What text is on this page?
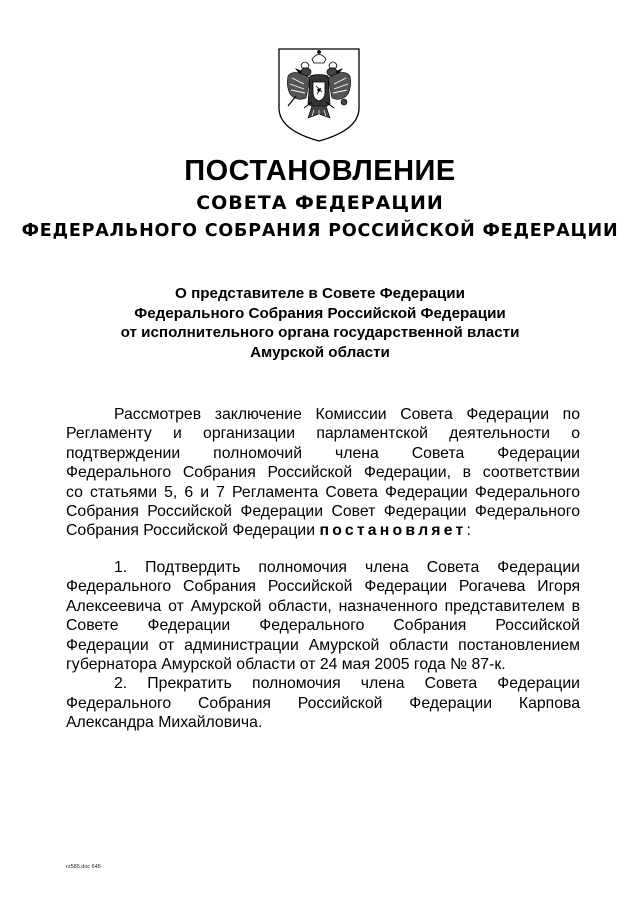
ПОСТАНОВЛЕНИЕ
СОВЕТА ФЕДЕРАЦИИ
ФЕДЕРАЛЬНОГО СОБРАНИЯ РОССИЙСКОЙ ФЕДЕРАЦИИ
О представителе в Совете Федерации
Федерального Собрания Российской Федерации
от исполнительного органа государственной власти
Амурской области
Рассмотрев заключение Комиссии Совета Федерации по
Регламенту и организации парламентской деятельности о
подтверждении полномочий члена Совета Федерации
Федерального Собрания Российской Федерации, в соответствии
со статьями 5, 6 и 7 Регламента Совета Федерации Федерального
Собрания Российской Федерации Совет Федерации Федерального
Собрания Российской Федерации постановляет:
1. Подтвердить полномочия члена Совета Федерации
Федерального Собрания Российской Федерации Рогачева Игоря
Алексеевича от Амурской области, назначенного представителем в
Совете Федерации Федерального Собрания Российской
Федерации от администрации Амурской области постановлением
губернатора Амурской области от 24 мая 2005 года № 87-к.
2. Прекратить полномочия члена Совета Федерации
Федерального Собрания Российской Федерации Карпова
Александра Михайловича.
rz585.doc 645
